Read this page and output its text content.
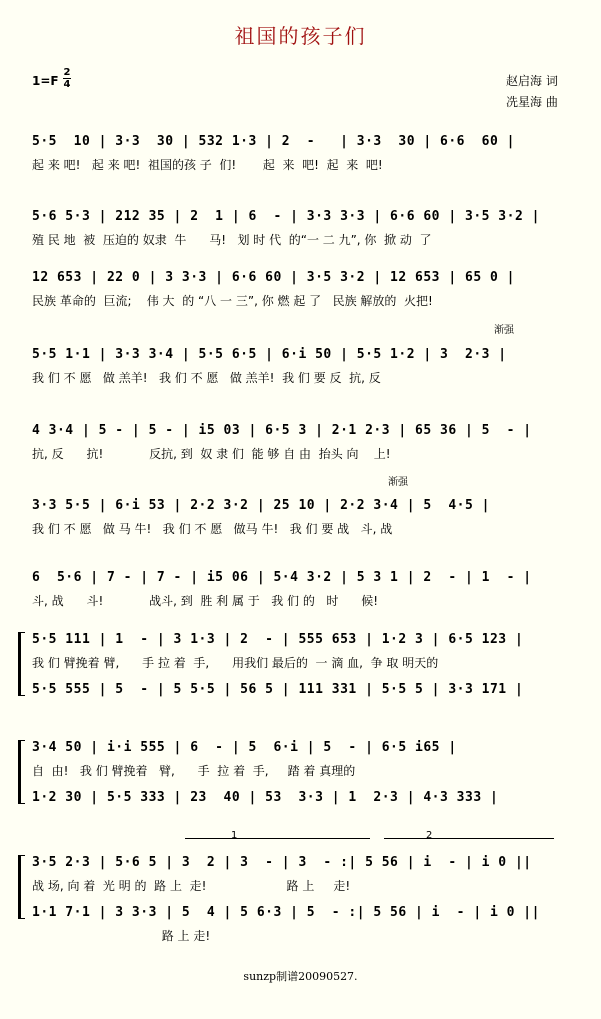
祖国的孩子们
1=F
2
4	赵启海 词
冼星海 曲
渐强
渐强
5·5  10 | 3·3  30 | 532 1·3 | 2  -   | 3·3  30 | 6·6  60 |
起 来 吧!   起 来 吧!  祖国的孩 子  们!       起  来  吧!  起  来  吧!
5·6 5·3 | 212 35 | 2  1 | 6  - | 3·3 3·3 | 6·6 60 | 3·5 3·2 |
殖 民 地  被  压迫的 奴隶  牛      马!   划 时 代  的“一 二 九”, 你  掀 动  了
12 653 | 22 0 | 3 3·3 | 6·6 60 | 3·5 3·2 | 12 653 | 65 0 |
民族 革命的  巨流;    伟 大  的 “八 一 三”, 你 燃 起 了   民族 解放的  火把!
5·5 1·1 | 3·3 3·4 | 5·5 6·5 | 6·i 50 | 5·5 1·2 | 3  2·3 |
我 们 不 愿   做 羔羊!   我 们 不 愿   做 羔羊!  我 们 要 反  抗, 反
4 3·4 | 5 - | 5 - | i5 03 | 6·5 3 | 2·1 2·3 | 65 36 | 5  - |
抗, 反      抗!            反抗, 到  奴 隶 们  能 够 自 由  抬头 向    上!
3·3 5·5 | 6·i 53 | 2·2 3·2 | 25 10 | 2·2 3·4 | 5  4·5 |
我 们 不 愿   做 马 牛!   我 们 不 愿   做马 牛!   我 们 要 战   斗, 战
6  5·6 | 7 - | 7 - | i5 06 | 5·4 3·2 | 5 3 1 | 2  - | 1  - |
斗, 战      斗!            战斗, 到  胜 利 属 于   我 们 的   时      候!
5·5 111 | 1  - | 3 1·3 | 2  - | 555 653 | 1·2 3 | 6·5 123 |
我 们 臂挽着 臂,      手 拉 着  手,      用我们 最后的  一 滴 血,  争 取 明天的
5·5 555 | 5  - | 5 5·5 | 56 5 | 111 331 | 5·5 5 | 3·3 171 |
3·4 50 | i·i 555 | 6  - | 5  6·i | 5  - | 6·5 i65 |
自  由!   我 们 臂挽着   臂,      手  拉 着  手,     踏 着 真理的
1·2 30 | 5·5 333 | 23  40 | 53  3·3 | 1  2·3 | 4·3 333 |
1	2
3·5 2·3 | 5·6 5 | 3  2 | 3  - | 3  - :| 5 56 | i  - | i 0 ||
战 场, 向 着  光 明 的  路 上  走!                     路 上     走!
1·1 7·1 | 3 3·3 | 5  4 | 5 6·3 | 5  - :| 5 56 | i  - | i 0 ||
路 上 走!
sunzp制谱20090527.
